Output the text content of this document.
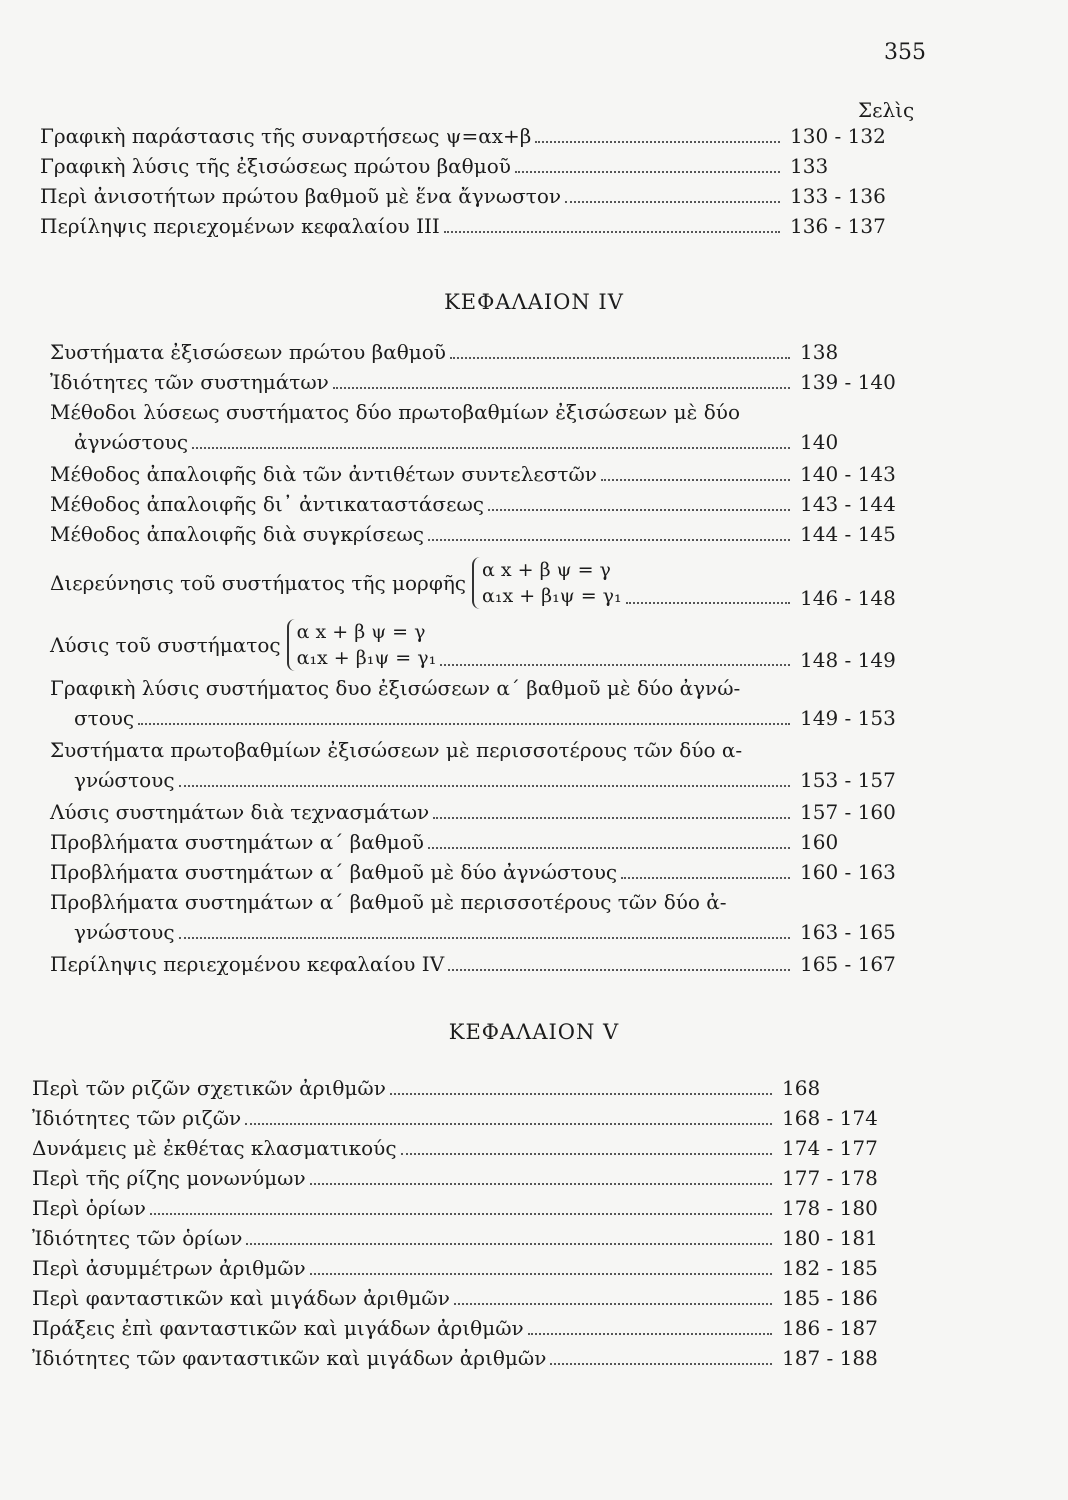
355
Σελὶς
Γραφικὴ παράστασις τῆς συναρτήσεως ψ=αx+β	130 - 132
Γραφικὴ λύσις τῆς ἐξισώσεως πρώτου βαθμοῦ	133
Περὶ ἀνισοτήτων πρώτου βαθμοῦ μὲ ἕνα ἄγνωστον	133 - 136
Περίληψις περιεχομένων κεφαλαίου ΙΙΙ	136 - 137
ΚΕΦΑΛΑΙΟΝ IV
Συστήματα ἐξισώσεων πρώτου βαθμοῦ	138
Ἰδιότητες τῶν συστημάτων	139 - 140
Μέθοδοι λύσεως συστήματος δύο πρωτοβαθμίων ἐξισώσεων μὲ δύο
ἀγνώστους	140
Μέθοδος ἀπαλοιφῆς διὰ τῶν ἀντιθέτων συντελεστῶν	140 - 143
Μέθοδος ἀπαλοιφῆς δι᾿ ἀντικαταστάσεως	143 - 144
Μέθοδος ἀπαλοιφῆς διὰ συγκρίσεως	144 - 145
Διερεύνησις τοῦ συστήματος τῆς μορφῆς
α x + β ψ = γ
α₁x + β₁ψ = γ₁	146 - 148
Λύσις τοῦ συστήματος
α x + β ψ = γ
α₁x + β₁ψ = γ₁	148 - 149
Γραφικὴ λύσις συστήματος δυο ἐξισώσεων α΄ βαθμοῦ μὲ δύο ἀγνώ-
στους	149 - 153
Συστήματα πρωτοβαθμίων ἐξισώσεων μὲ περισσοτέρους τῶν δύο α-
γνώστους	153 - 157
Λύσις συστημάτων διὰ τεχνασμάτων	157 - 160
Προβλήματα συστημάτων α΄ βαθμοῦ	160
Προβλήματα συστημάτων α΄ βαθμοῦ μὲ δύο ἀγνώστους	160 - 163
Προβλήματα συστημάτων α΄ βαθμοῦ μὲ περισσοτέρους τῶν δύο ἀ-
γνώστους	163 - 165
Περίληψις περιεχομένου κεφαλαίου ΙV	165 - 167
ΚΕΦΑΛΑΙΟΝ V
Περὶ τῶν ριζῶν σχετικῶν ἀριθμῶν	168
Ἰδιότητες τῶν ριζῶν	168 - 174
Δυνάμεις μὲ ἐκθέτας κλασματικούς	174 - 177
Περὶ τῆς ρίζης μονωνύμων	177 - 178
Περὶ ὁρίων	178 - 180
Ἰδιότητες τῶν ὁρίων	180 - 181
Περὶ ἀσυμμέτρων ἀριθμῶν	182 - 185
Περὶ φανταστικῶν καὶ μιγάδων ἀριθμῶν	185 - 186
Πράξεις ἐπὶ φανταστικῶν καὶ μιγάδων ἀριθμῶν	186 - 187
Ἰδιότητες τῶν φανταστικῶν καὶ μιγάδων ἀριθμῶν	187 - 188
